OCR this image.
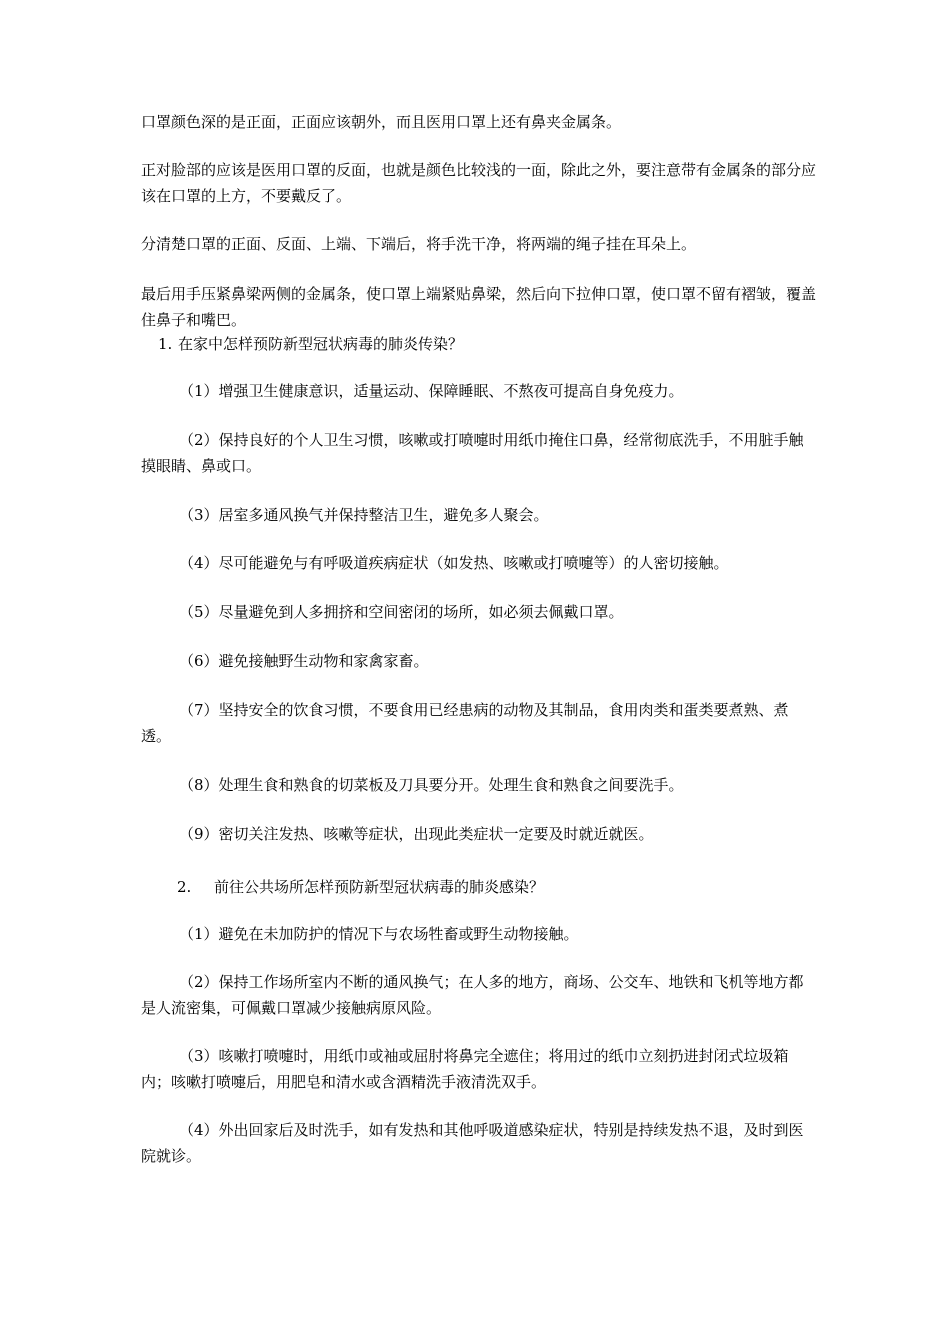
口罩颜色深的是正面，正面应该朝外，而且医用口罩上还有鼻夹金属条。

正对脸部的应该是医用口罩的反面，也就是颜色比较浅的一面，除此之外，要注意带有金属条的部分应该在口罩的上方，不要戴反了。

分清楚口罩的正面、反面、上端、下端后，将手洗干净，将两端的绳子挂在耳朵上。

最后用手压紧鼻梁两侧的金属条，使口罩上端紧贴鼻梁，然后向下拉伸口罩，使口罩不留有褶皱，覆盖住鼻子和嘴巴。

1. 在家中怎样预防新型冠状病毒的肺炎传染？

（1）增强卫生健康意识，适量运动、保障睡眠、不熬夜可提高自身免疫力。

（2）保持良好的个人卫生习惯，咳嗽或打喷嚏时用纸巾掩住口鼻，经常彻底洗手，不用脏手触摸眼睛、鼻或口。

（3）居室多通风换气并保持整洁卫生，避免多人聚会。

（4）尽可能避免与有呼吸道疾病症状（如发热、咳嗽或打喷嚏等）的人密切接触。

（5）尽量避免到人多拥挤和空间密闭的场所，如必须去佩戴口罩。

（6）避免接触野生动物和家禽家畜。

（7）坚持安全的饮食习惯，不要食用已经患病的动物及其制品，食用肉类和蛋类要煮熟、煮透。

（8）处理生食和熟食的切菜板及刀具要分开。处理生食和熟食之间要洗手。

（9）密切关注发热、咳嗽等症状，出现此类症状一定要及时就近就医。

2. 前往公共场所怎样预防新型冠状病毒的肺炎感染？

（1）避免在未加防护的情况下与农场牲畜或野生动物接触。

（2）保持工作场所室内不断的通风换气；在人多的地方，商场、公交车、地铁和飞机等地方都是人流密集，可佩戴口罩减少接触病原风险。

（3）咳嗽打喷嚏时，用纸巾或袖或屈肘将鼻完全遮住；将用过的纸巾立刻扔进封闭式垃圾箱内；咳嗽打喷嚏后，用肥皂和清水或含酒精洗手液清洗双手。

（4）外出回家后及时洗手，如有发热和其他呼吸道感染症状，特别是持续发热不退，及时到医院就诊。
